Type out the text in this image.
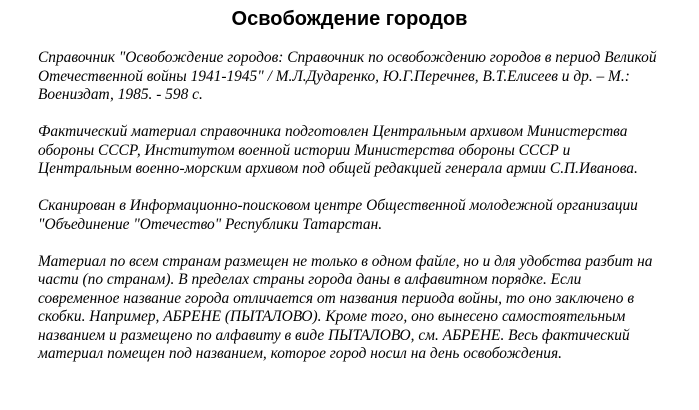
Освобождение городов

Справочник "Освобождение городов: Справочник по освобождению городов в период Великой Отечественной войны 1941-1945" / М.Л.Дударенко, Ю.Г.Перечнев, В.Т.Елисеев и др. – М.: Воениздат, 1985. - 598 с.

Фактический материал справочника подготовлен Центральным архивом Министерства обороны СССР, Институтом военной истории Министерства обороны СССР и Центральным военно-морским архивом под общей редакцией генерала армии С.П.Иванова.

Сканирован в Информационно-поисковом центре Общественной молодежной организации "Объединение "Отечество" Республики Татарстан.

Материал по всем странам размещен не только в одном файле, но и для удобства разбит на части (по странам). В пределах страны города даны в алфавитном порядке. Если современное название города отличается от названия периода войны, то оно заключено в скобки. Например, АБРЕНЕ (ПЫТАЛОВО). Кроме того, оно вынесено самостоятельным названием и размещено по алфавиту в виде ПЫТАЛОВО, см. АБРЕНЕ. Весь фактический материал помещен под названием, которое город носил на день освобождения.
